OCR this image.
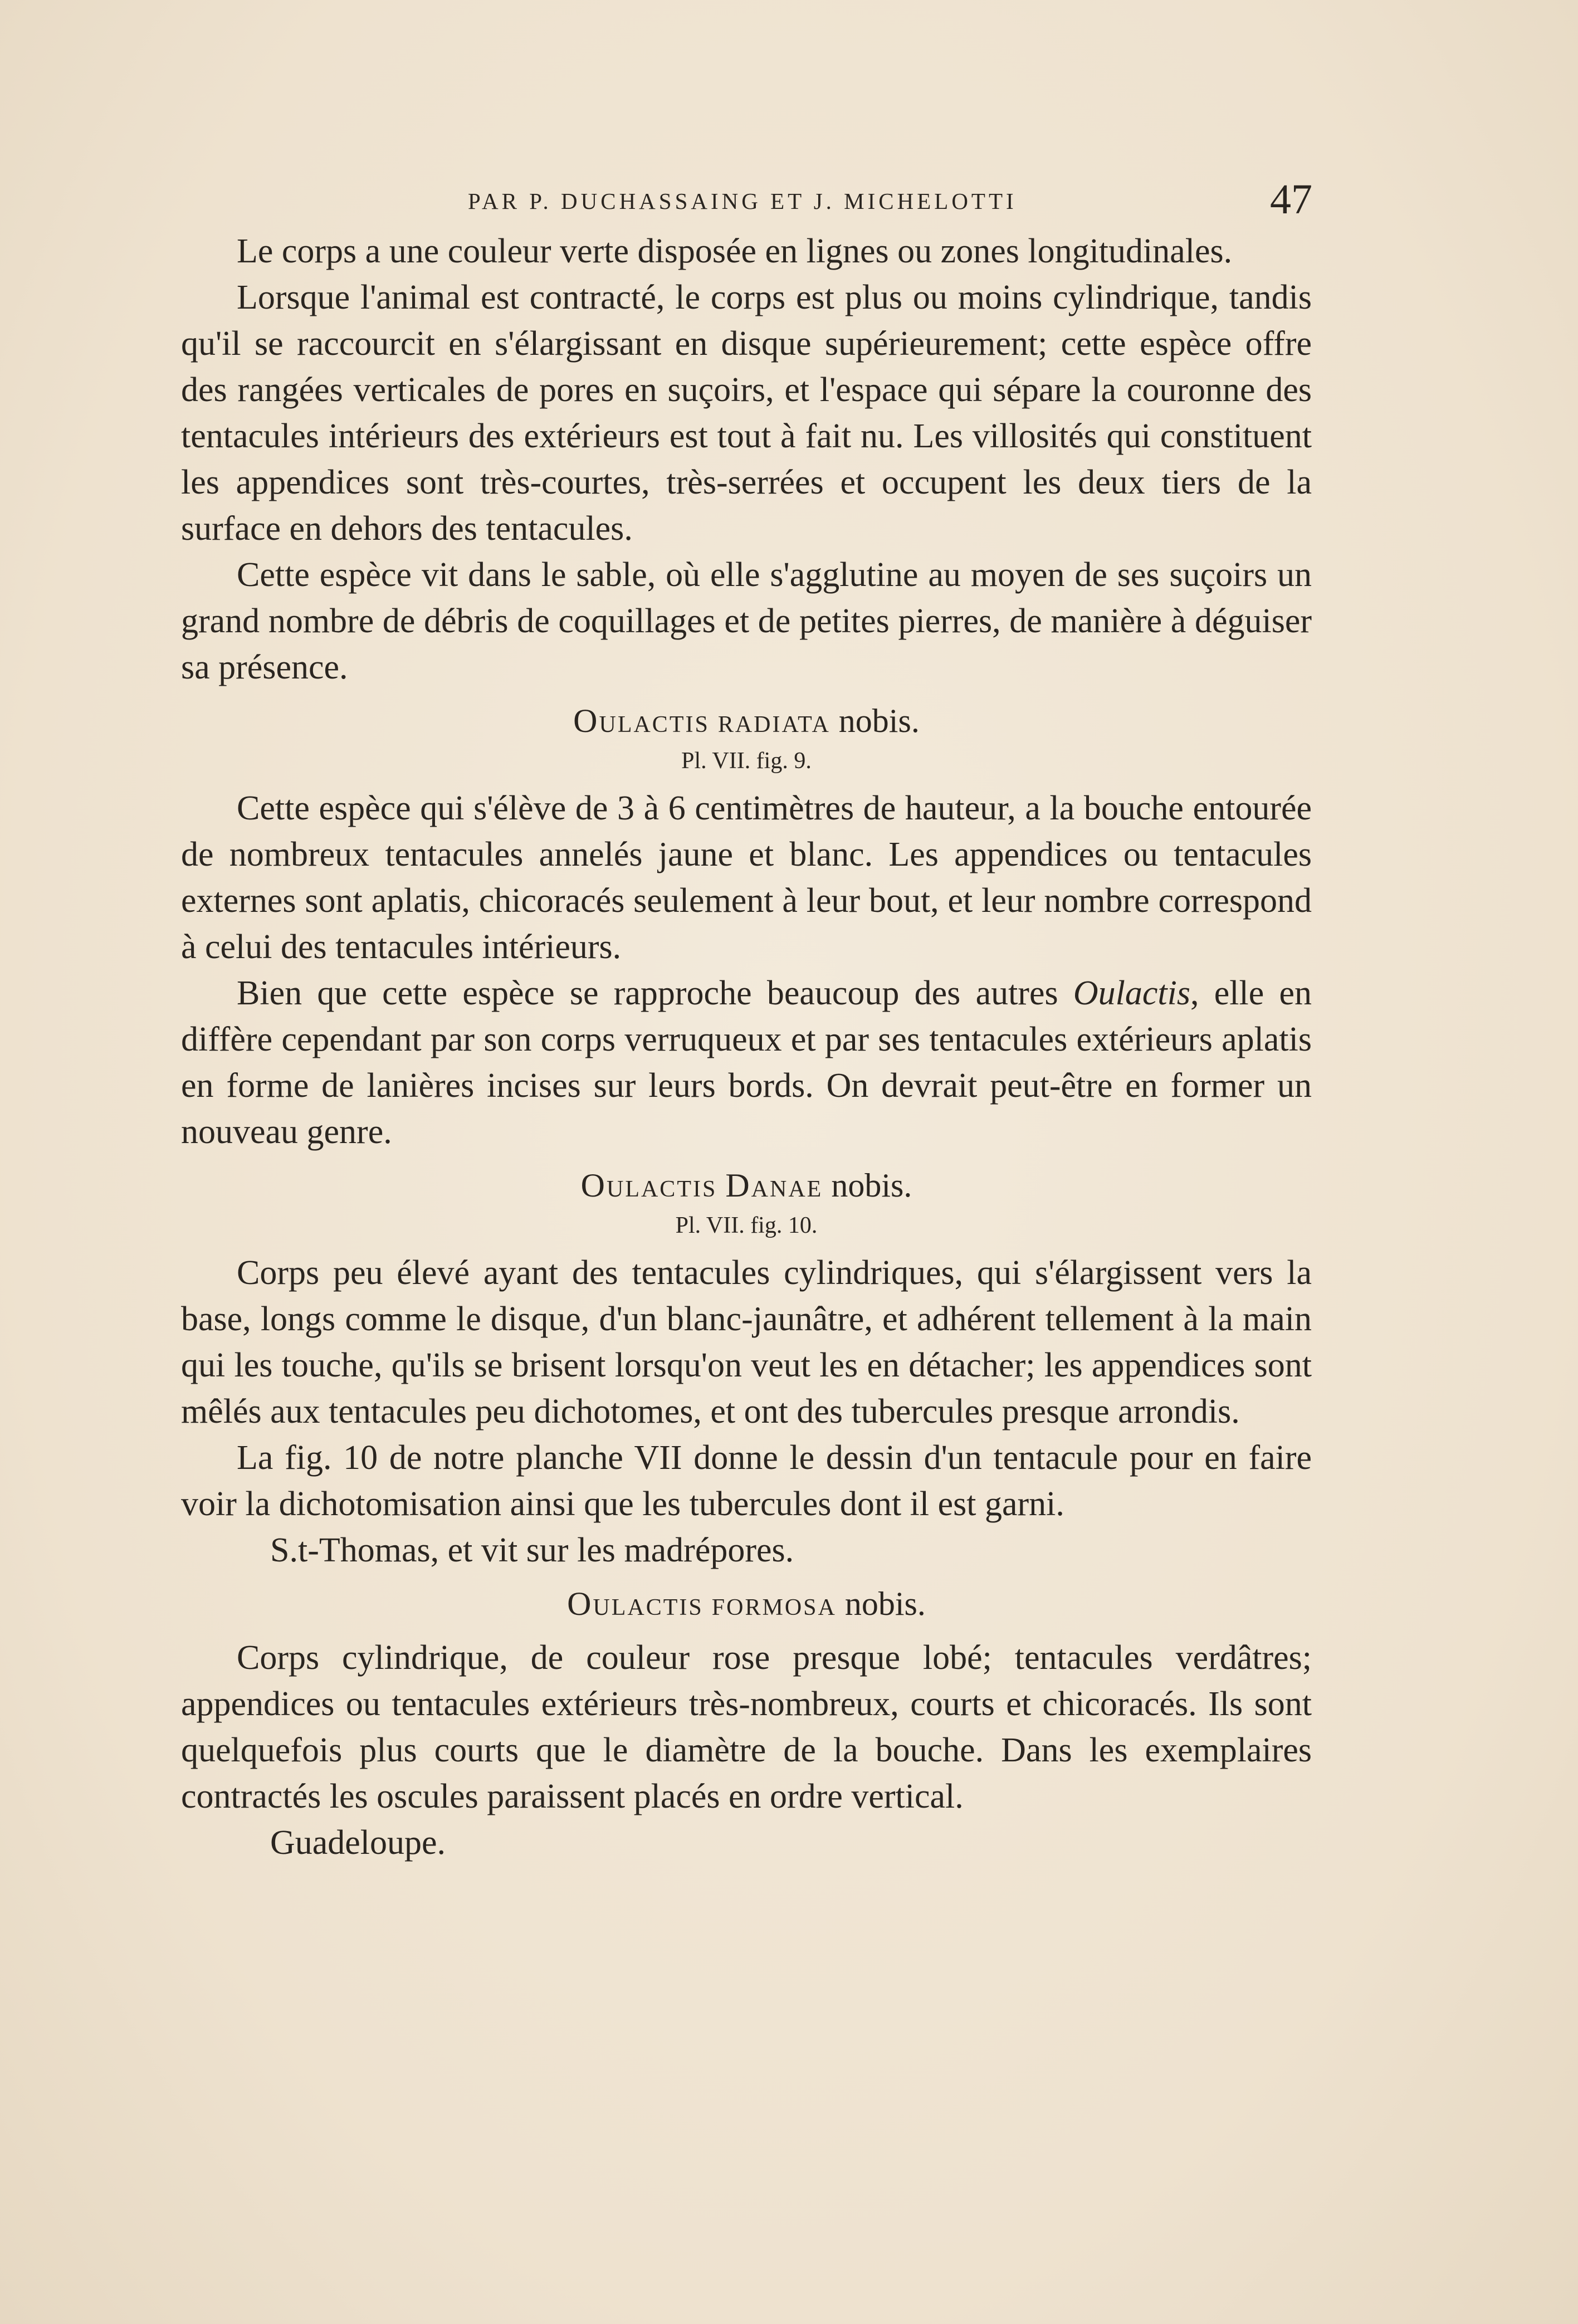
PAR P. DUCHASSAING ET J. MICHELOTTI	47

Le corps a une couleur verte disposée en lignes ou zones longitudinales.

Lorsque l'animal est contracté, le corps est plus ou moins cylindrique, tandis qu'il se raccourcit en s'élargissant en disque supérieurement; cette espèce offre des rangées verticales de pores en suçoirs, et l'espace qui sépare la couronne des tentacules intérieurs des extérieurs est tout à fait nu. Les villosités qui constituent les appendices sont très-courtes, très-serrées et occupent les deux tiers de la surface en dehors des tentacules.

Cette espèce vit dans le sable, où elle s'agglutine au moyen de ses suçoirs un grand nombre de débris de coquillages et de petites pierres, de manière à déguiser sa présence.

Oulactis radiata nobis.

Pl. VII. fig. 9.

Cette espèce qui s'élève de 3 à 6 centimètres de hauteur, a la bouche entourée de nombreux tentacules annelés jaune et blanc. Les appendices ou tentacules externes sont aplatis, chicoracés seulement à leur bout, et leur nombre correspond à celui des tentacules intérieurs.

Bien que cette espèce se rapproche beaucoup des autres Oulactis, elle en diffère cependant par son corps verruqueux et par ses tentacules extérieurs aplatis en forme de lanières incises sur leurs bords. On devrait peut-être en former un nouveau genre.

Oulactis Danae nobis.

Pl. VII. fig. 10.

Corps peu élevé ayant des tentacules cylindriques, qui s'élargissent vers la base, longs comme le disque, d'un blanc-jaunâtre, et adhérent tellement à la main qui les touche, qu'ils se brisent lorsqu'on veut les en détacher; les appendices sont mêlés aux tentacules peu dichotomes, et ont des tubercules presque arrondis.

La fig. 10 de notre planche VII donne le dessin d'un tentacule pour en faire voir la dichotomisation ainsi que les tubercules dont il est garni.

S.t-Thomas, et vit sur les madrépores.

Oulactis formosa nobis.

Corps cylindrique, de couleur rose presque lobé; tentacules verdâtres; appendices ou tentacules extérieurs très-nombreux, courts et chicoracés. Ils sont quelquefois plus courts que le diamètre de la bouche. Dans les exemplaires contractés les oscules paraissent placés en ordre vertical.

Guadeloupe.
